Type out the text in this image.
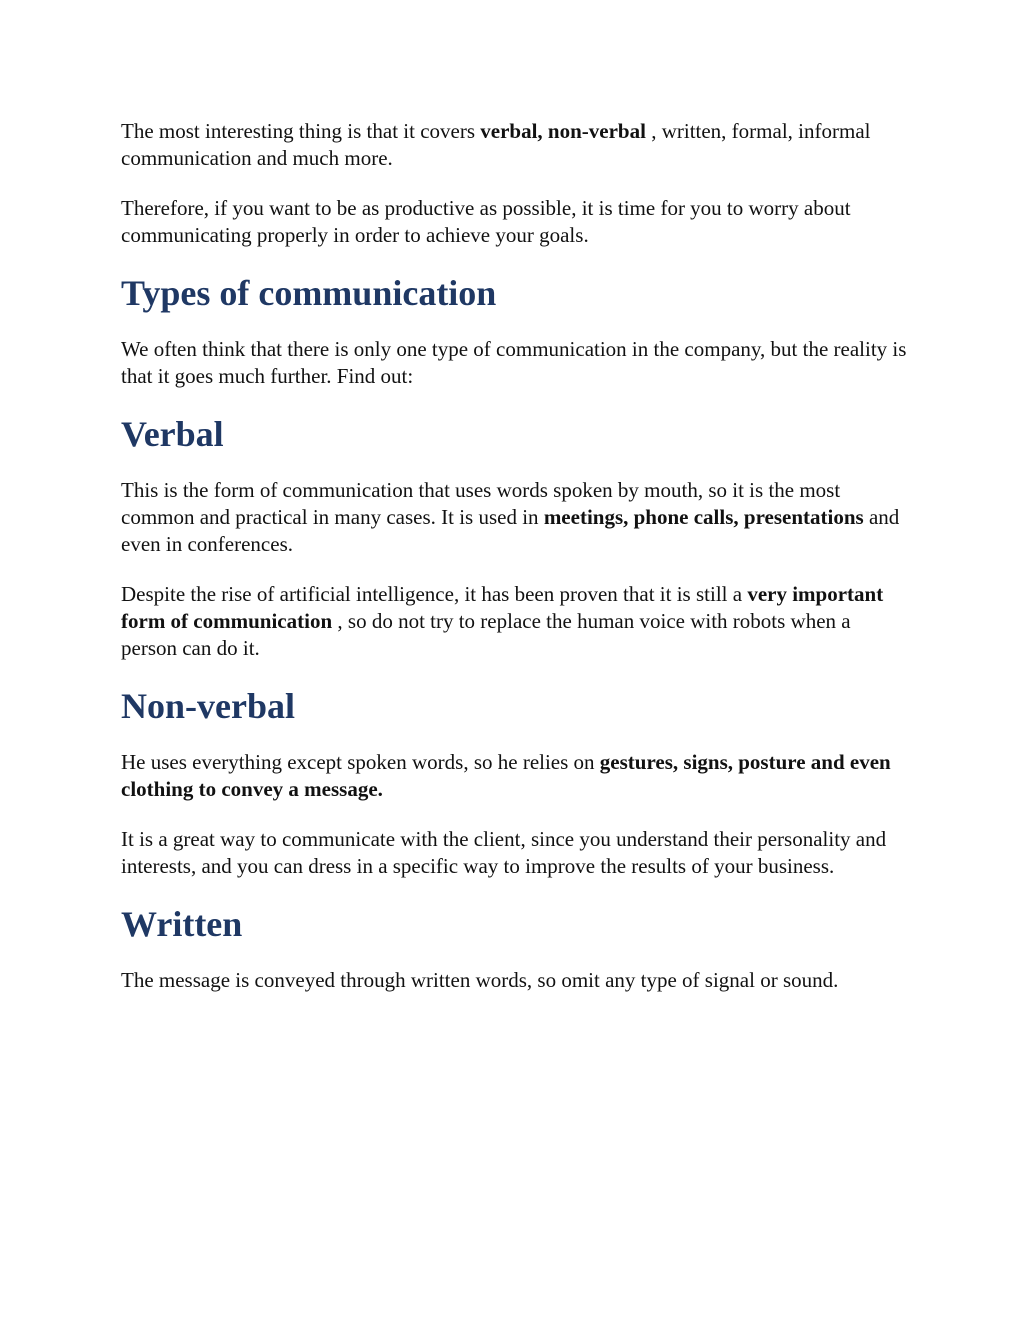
The most interesting thing is that it covers verbal, non-verbal , written, formal, informal communication and much more.

Therefore, if you want to be as productive as possible, it is time for you to worry about communicating properly in order to achieve your goals.

Types of communication

We often think that there is only one type of communication in the company, but the reality is that it goes much further. Find out:

Verbal

This is the form of communication that uses words spoken by mouth, so it is the most common and practical in many cases. It is used in meetings, phone calls, presentations and even in conferences.

Despite the rise of artificial intelligence, it has been proven that it is still a very important form of communication , so do not try to replace the human voice with robots when a person can do it.

Non-verbal

He uses everything except spoken words, so he relies on gestures, signs, posture and even clothing to convey a message.

It is a great way to communicate with the client, since you understand their personality and interests, and you can dress in a specific way to improve the results of your business.

Written

The message is conveyed through written words, so omit any type of signal or sound.
